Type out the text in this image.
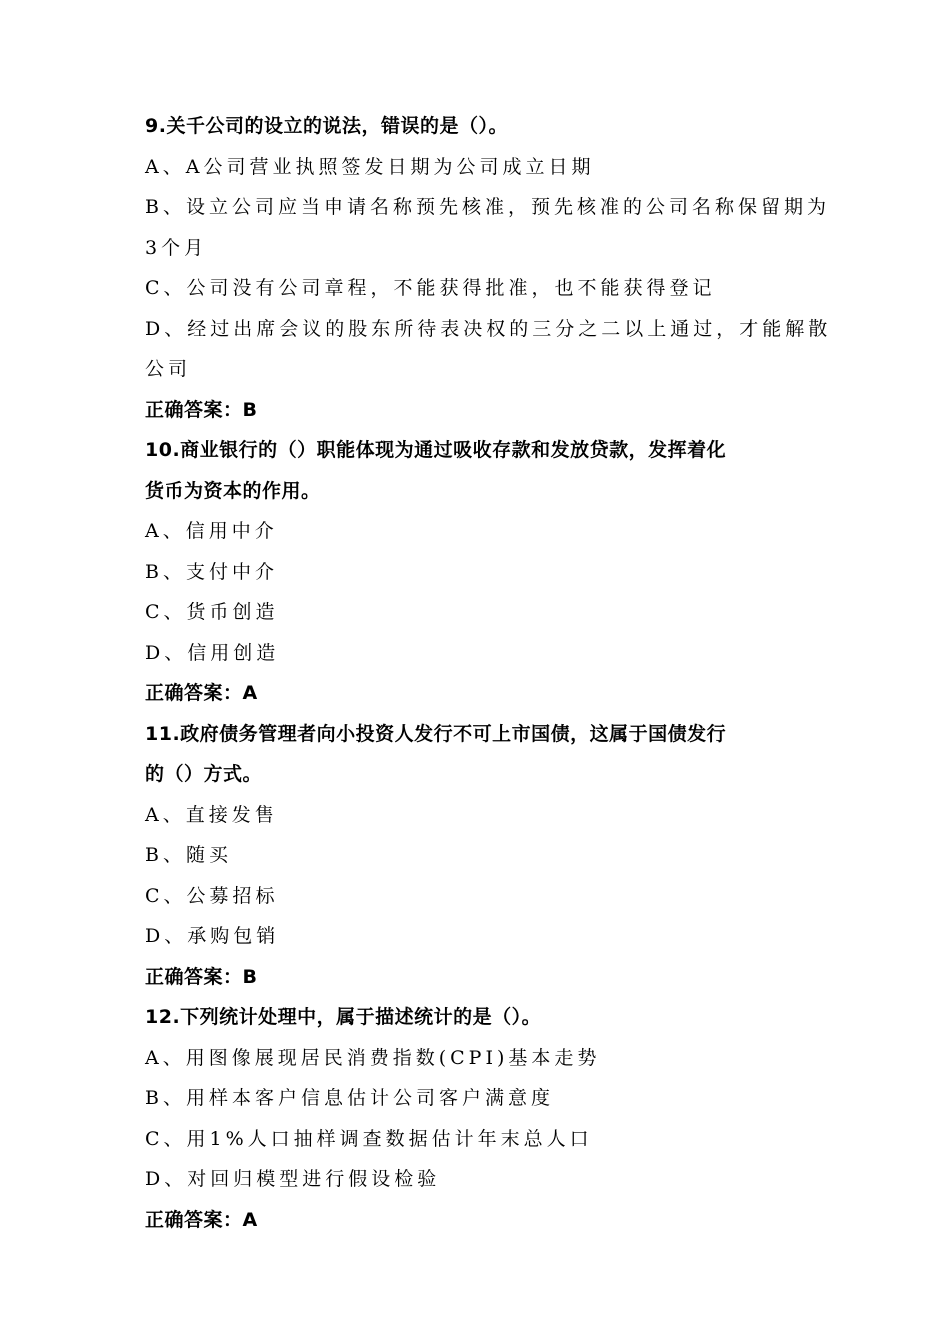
9.关千公司的设立的说法，错误的是（）。
A、A公司营业执照签发日期为公司成立日期
B、设立公司应当申请名称预先核准，预先核准的公司名称保留期为
3个月
C、公司没有公司章程，不能获得批准，也不能获得登记
D、经过出席会议的股东所待表决权的三分之二以上通过，才能解散
公司
正确答案：B
10.商业银行的（）职能体现为通过吸收存款和发放贷款，发挥着化
货币为资本的作用。
A、信用中介
B、支付中介
C、货币创造
D、信用创造
正确答案：A
11.政府债务管理者向小投资人发行不可上市国债，这属于国债发行
的（）方式。
A、直接发售
B、随买
C、公募招标
D、承购包销
正确答案：B
12.下列统计处理中，属于描述统计的是（）。
A、用图像展现居民消费指数(CPI)基本走势
B、用样本客户信息估计公司客户满意度
C、用1%人口抽样调查数据估计年末总人口
D、对回归模型进行假设检验
正确答案：A
